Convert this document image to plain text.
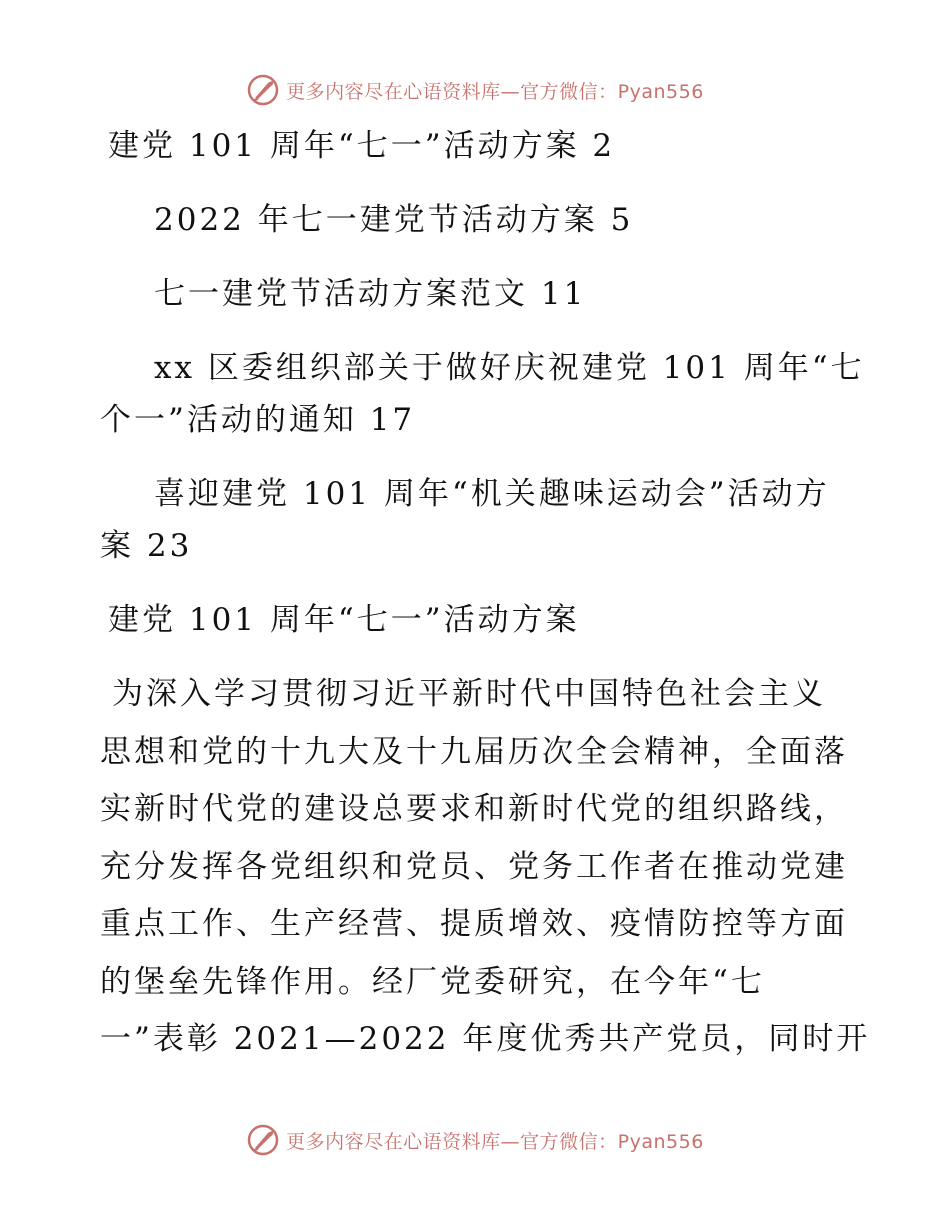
更多内容尽在心语资料库—官方微信：Pyan556
建党 101 周年“七一”活动方案 2
2022 年七一建党节活动方案 5
七一建党节活动方案范文 11
xx 区委组织部关于做好庆祝建党 101 周年“七
个一”活动的通知 17
喜迎建党 101 周年“机关趣味运动会”活动方
案 23
建党 101 周年“七一”活动方案
为深入学习贯彻习近平新时代中国特色社会主义
思想和党的十九大及十九届历次全会精神，全面落
实新时代党的建设总要求和新时代党的组织路线，
充分发挥各党组织和党员、党务工作者在推动党建
重点工作、生产经营、提质增效、疫情防控等方面
的堡垒先锋作用。经厂党委研究，在今年“七
一”表彰 2021—2022 年度优秀共产党员，同时开
更多内容尽在心语资料库—官方微信：Pyan556
